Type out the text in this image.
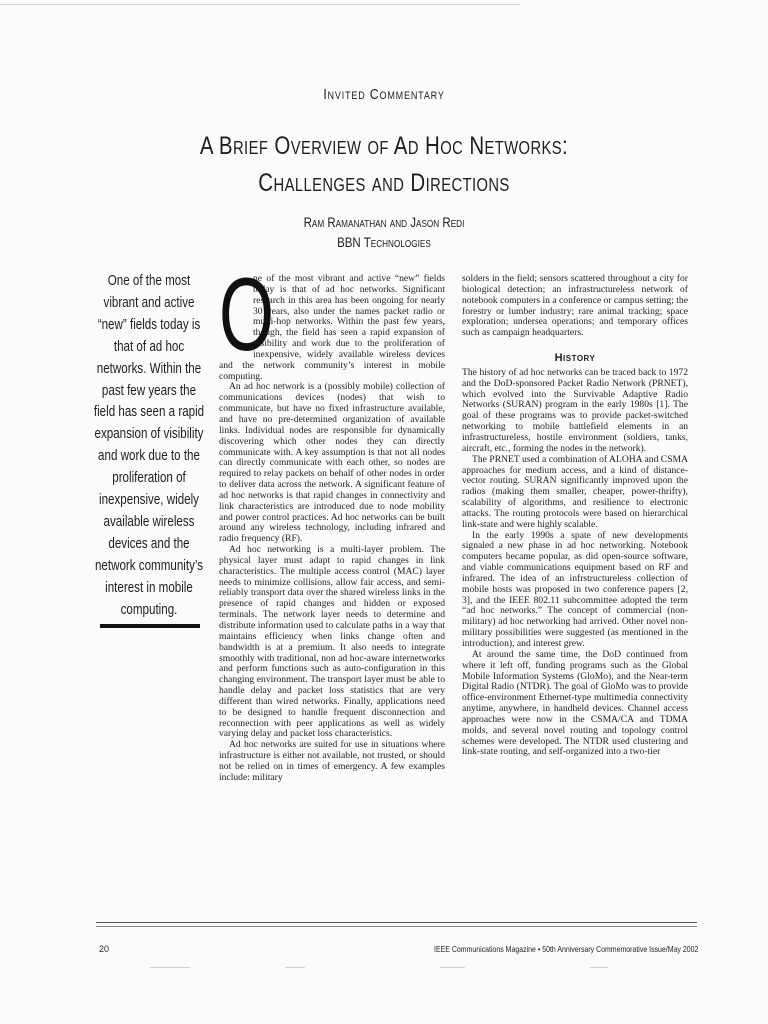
Invited Commentary
A Brief Overview of Ad Hoc Networks:
Challenges and Directions
Ram Ramanathan and Jason Redi
BBN Technologies
One of the most vibrant and active “new” fields today is that of ad hoc networks. Within the past few years the field has seen a rapid expansion of visibility and work due to the proliferation of inexpensive, widely available wireless devices and the network community’s interest in mobile computing.

O
ne of the most vibrant and active “new” fields today is that of ad hoc networks. Significant research in this area has been ongoing for nearly 30 years, also under the names packet radio or multi-hop networks. Within the past few years, though, the field has seen a rapid expansion of visibility and work due to the proliferation of inexpensive, widely available wireless devices and the network community’s interest in mobile computing.

An ad hoc network is a (possibly mobile) collection of communications devices (nodes) that wish to communicate, but have no fixed infrastructure available, and have no pre-determined organization of available links. Individual nodes are responsible for dynamically discovering which other nodes they can directly communicate with. A key assumption is that not all nodes can directly communicate with each other, so nodes are required to relay packets on behalf of other nodes in order to deliver data across the network. A significant feature of ad hoc networks is that rapid changes in connectivity and link characteristics are introduced due to node mobility and power control practices. Ad hoc networks can be built around any wireless technology, including infrared and radio frequency (RF).

Ad hoc networking is a multi-layer problem. The physical layer must adapt to rapid changes in link characteristics. The multiple access control (MAC) layer needs to minimize collisions, allow fair access, and semi-reliably transport data over the shared wireless links in the presence of rapid changes and hidden or exposed terminals. The network layer needs to determine and distribute information used to calculate paths in a way that maintains efficiency when links change often and bandwidth is at a premium. It also needs to integrate smoothly with traditional, non ad hoc-aware internetworks and perform functions such as auto-configuration in this changing environment. The transport layer must be able to handle delay and packet loss statistics that are very different than wired networks. Finally, applications need to be designed to handle frequent disconnection and reconnection with peer applications as well as widely varying delay and packet loss characteristics.

Ad hoc networks are suited for use in situations where infrastructure is either not available, not trusted, or should not be relied on in times of emergency. A few examples include: military

solders in the field; sensors scattered throughout a city for biological detection; an infrastructureless network of notebook computers in a conference or campus setting; the forestry or lumber industry; rare animal tracking; space exploration; undersea operations; and temporary offices such as campaign headquarters.

History

The history of ad hoc networks can be traced back to 1972 and the DoD-sponsored Packet Radio Network (PRNET), which evolved into the Survivable Adaptive Radio Networks (SURAN) program in the early 1980s [1]. The goal of these programs was to provide packet-switched networking to mobile battlefield elements in an infrastructureless, hostile environment (soldiers, tanks, aircraft, etc., forming the nodes in the network).

The PRNET used a combination of ALOHA and CSMA approaches for medium access, and a kind of distance-vector routing. SURAN significantly improved upon the radios (making them smaller, cheaper, power-thrifty), scalability of algorithms, and resilience to electronic attacks. The routing protocols were based on hierarchical link-state and were highly scalable.

In the early 1990s a spate of new developments signaled a new phase in ad hoc networking. Notebook computers became popular, as did open-source software, and viable communications equipment based on RF and infrared. The idea of an infrstructureless collection of mobile hosts was proposed in two conference papers [2, 3], and the IEEE 802.11 subcommittee adopted the term “ad hoc networks.” The concept of commercial (non-military) ad hoc networking had arrived. Other novel non-military possibilities were suggested (as mentioned in the introduction), and interest grew.

At around the same time, the DoD continued from where it left off, funding programs such as the Global Mobile Information Systems (GloMo), and the Near-term Digital Radio (NTDR). The goal of GloMo was to provide office-environment Ethernet-type multimedia connectivity anytime, anywhere, in handheld devices. Channel access approaches were now in the CSMA/CA and TDMA molds, and several novel routing and topology control schemes were developed. The NTDR used clustering and link-state routing, and self-organized into a two-tier

20	IEEE Communications Magazine • 50th Anniversary Commemorative Issue/May 2002
